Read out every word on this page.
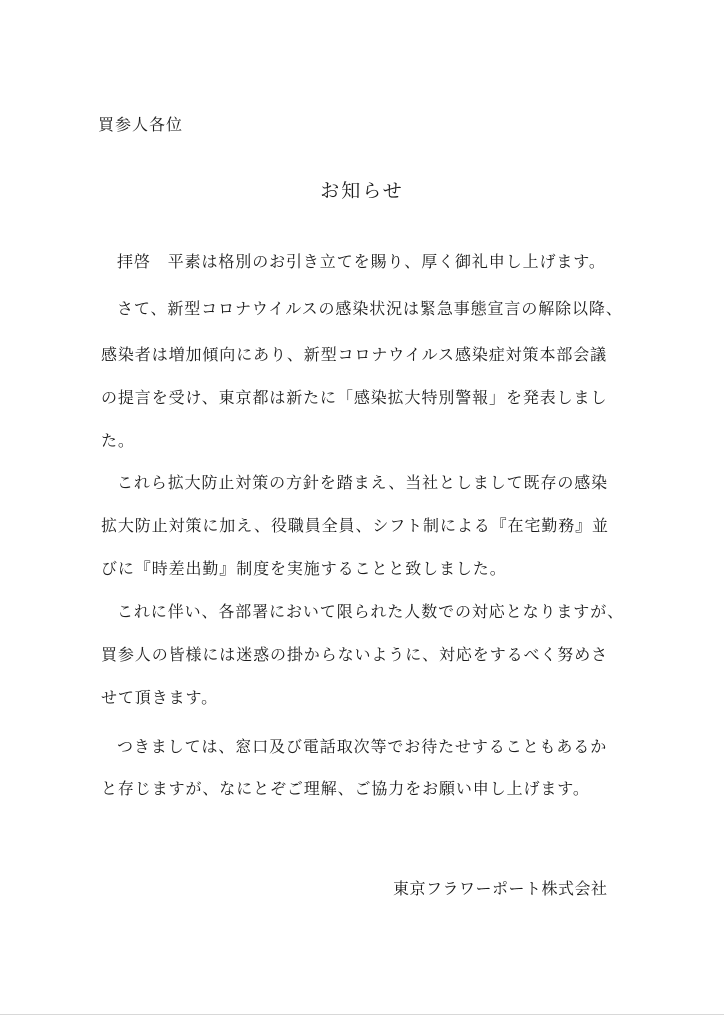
買参人各位
お知らせ
拝啓　平素は格別のお引き立てを賜り、厚く御礼申し上げます。
さて、新型コロナウイルスの感染状況は緊急事態宣言の解除以降、
感染者は増加傾向にあり、新型コロナウイルス感染症対策本部会議
の提言を受け、東京都は新たに「感染拡大特別警報」を発表しまし
た。
これら拡大防止対策の方針を踏まえ、当社としまして既存の感染
拡大防止対策に加え、役職員全員、シフト制による『在宅勤務』並
びに『時差出勤』制度を実施することと致しました。
これに伴い、各部署において限られた人数での対応となりますが、
買参人の皆様には迷惑の掛からないように、対応をするべく努めさ
せて頂きます。
つきましては、窓口及び電話取次等でお待たせすることもあるか
と存じますが、なにとぞご理解、ご協力をお願い申し上げます。
東京フラワーポート株式会社
